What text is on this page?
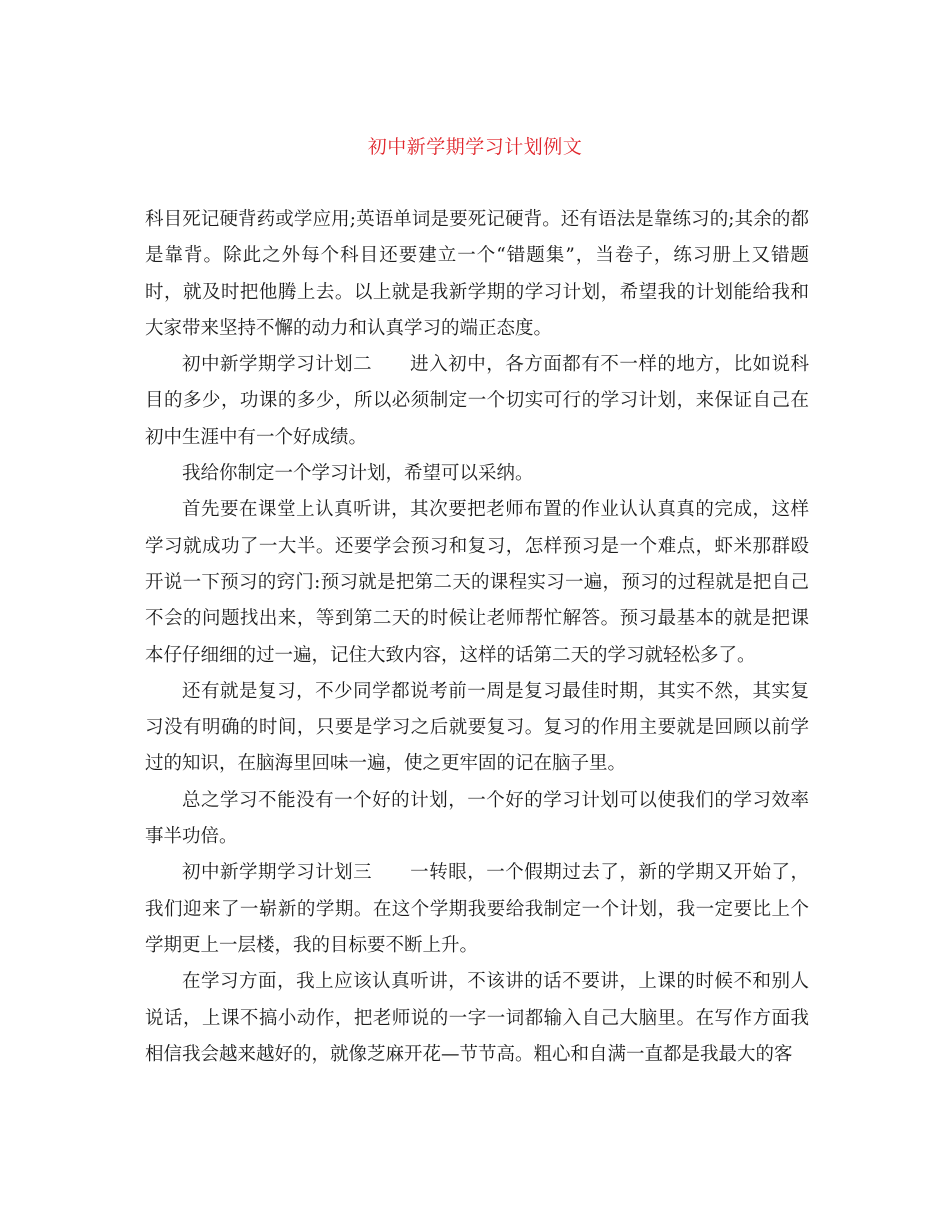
初中新学期学习计划例文

科目死记硬背药或学应用;英语单词是要死记硬背。还有语法是靠练习的;其余的都是靠背。除此之外每个科目还要建立一个“错题集”，当卷子，练习册上又错题时，就及时把他腾上去。以上就是我新学期的学习计划，希望我的计划能给我和大家带来坚持不懈的动力和认真学习的端正态度。

初中新学期学习计划二　　进入初中，各方面都有不一样的地方，比如说科目的多少，功课的多少，所以必须制定一个切实可行的学习计划，来保证自己在初中生涯中有一个好成绩。

我给你制定一个学习计划，希望可以采纳。

首先要在课堂上认真听讲，其次要把老师布置的作业认认真真的完成，这样学习就成功了一大半。还要学会预习和复习，怎样预习是一个难点，虾米那群殴开说一下预习的窍门:预习就是把第二天的课程实习一遍，预习的过程就是把自己不会的问题找出来，等到第二天的时候让老师帮忙解答。预习最基本的就是把课本仔仔细细的过一遍，记住大致内容，这样的话第二天的学习就轻松多了。

还有就是复习，不少同学都说考前一周是复习最佳时期，其实不然，其实复习没有明确的时间，只要是学习之后就要复习。复习的作用主要就是回顾以前学过的知识，在脑海里回味一遍，使之更牢固的记在脑子里。

总之学习不能没有一个好的计划，一个好的学习计划可以使我们的学习效率事半功倍。

初中新学期学习计划三　　一转眼，一个假期过去了，新的学期又开始了，我们迎来了一崭新的学期。在这个学期我要给我制定一个计划，我一定要比上个学期更上一层楼，我的目标要不断上升。

在学习方面，我上应该认真听讲，不该讲的话不要讲，上课的时候不和别人说话，上课不搞小动作，把老师说的一字一词都输入自己大脑里。在写作方面我相信我会越来越好的，就像芝麻开花—节节高。粗心和自满一直都是我最大的客
